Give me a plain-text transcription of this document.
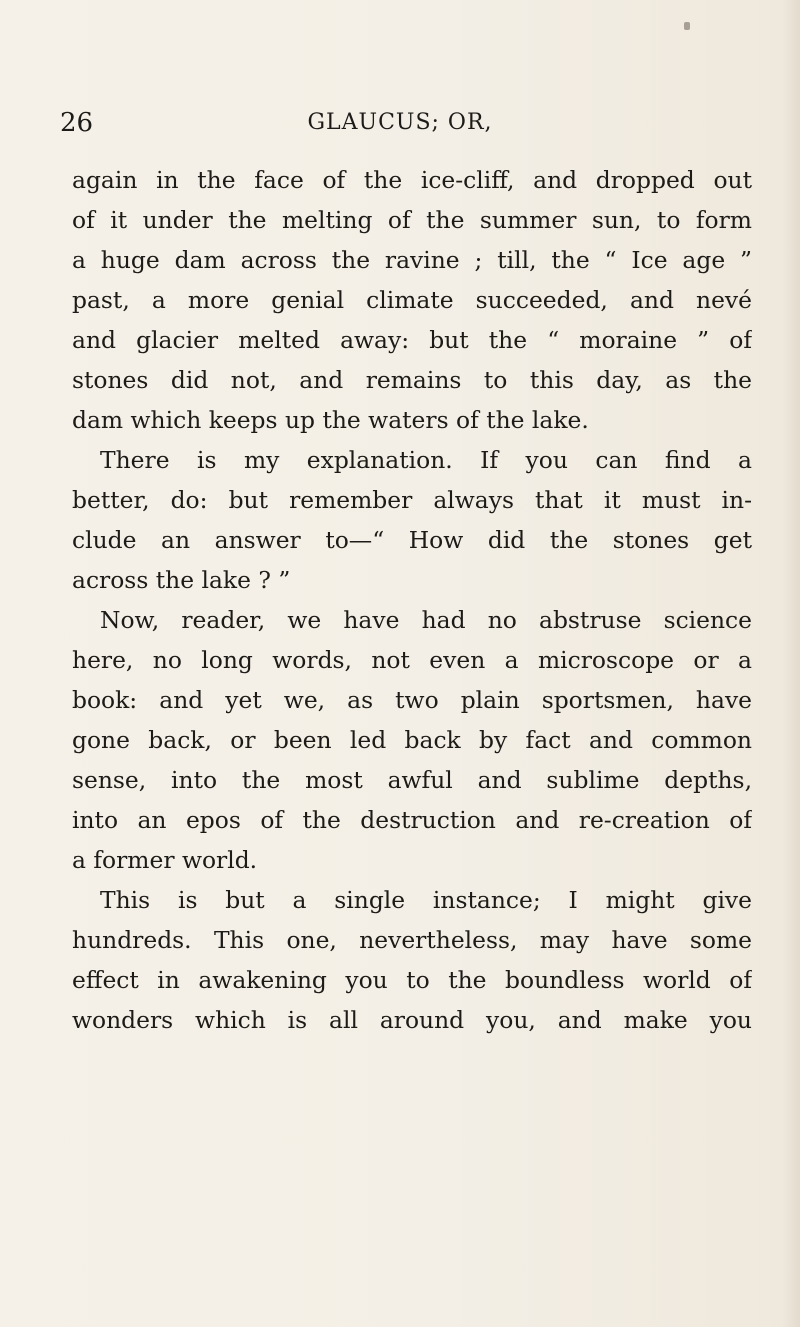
26	GLAUCUS; OR,
again in the face of the ice-cliff, and dropped out
of it under the melting of the summer sun, to form
a huge dam across the ravine ; till, the “ Ice age ”
past, a more genial climate succeeded, and nevé
and glacier melted away: but the “ moraine ” of
stones did not, and remains to this day, as the
dam which keeps up the waters of the lake.
There is my explanation. If you can find a
better, do: but remember always that it must in-
clude an answer to—“ How did the stones get
across the lake ? ”
Now, reader, we have had no abstruse science
here, no long words, not even a microscope or a
book: and yet we, as two plain sportsmen, have
gone back, or been led back by fact and common
sense, into the most awful and sublime depths,
into an epos of the destruction and re-creation of
a former world.
This is but a single instance; I might give
hundreds. This one, nevertheless, may have some
effect in awakening you to the boundless world of
wonders which is all around you, and make you
